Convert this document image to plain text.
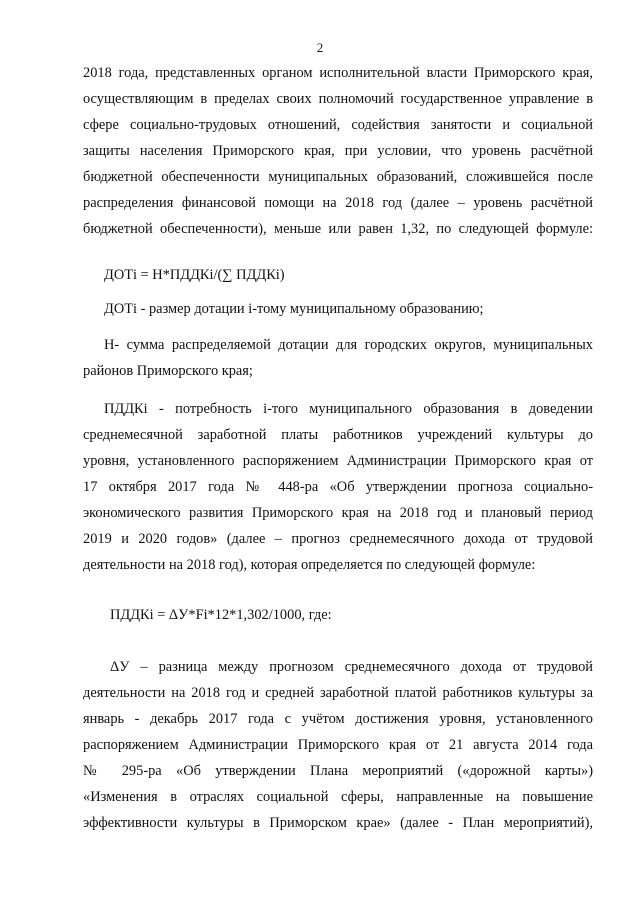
2
2018 года, представленных органом исполнительной власти Приморского края,
осуществляющим в пределах своих полномочий государственное управление в
сфере социально-трудовых отношений, содействия занятости и социальной
защиты населения Приморского края, при условии, что уровень расчётной
бюджетной обеспеченности муниципальных образований, сложившейся после
распределения финансовой помощи на 2018 год (далее – уровень расчётной
бюджетной обеспеченности), меньше или равен 1,32, по следующей формуле:
ДОТi = Н*ПДДКi/(∑ ПДДКi)
ДОТi - размер дотации i-тому муниципальному образованию;
Н- сумма распределяемой дотации для городских округов, муниципальных
районов Приморского края;
ПДДКi - потребность i-того муниципального образования в доведении
среднемесячной заработной платы работников учреждений культуры до
уровня, установленного распоряжением Администрации Приморского края от
17 октября 2017 года № 448-ра «Об утверждении прогноза социально-
экономического развития Приморского края на 2018 год и плановый период
2019 и 2020 годов» (далее – прогноз среднемесячного дохода от трудовой
деятельности на 2018 год), которая определяется по следующей формуле:
ПДДКi = ΔУ*Fi*12*1,302/1000, где:
ΔУ – разница между прогнозом среднемесячного дохода от трудовой
деятельности на 2018 год и средней заработной платой работников культуры за
январь - декабрь 2017 года с учётом достижения уровня, установленного
распоряжением Администрации Приморского края от 21 августа 2014 года
№ 295-ра «Об утверждении Плана мероприятий («дорожной карты»)
«Изменения в отраслях социальной сферы, направленные на повышение
эффективности культуры в Приморском крае» (далее - План мероприятий),
